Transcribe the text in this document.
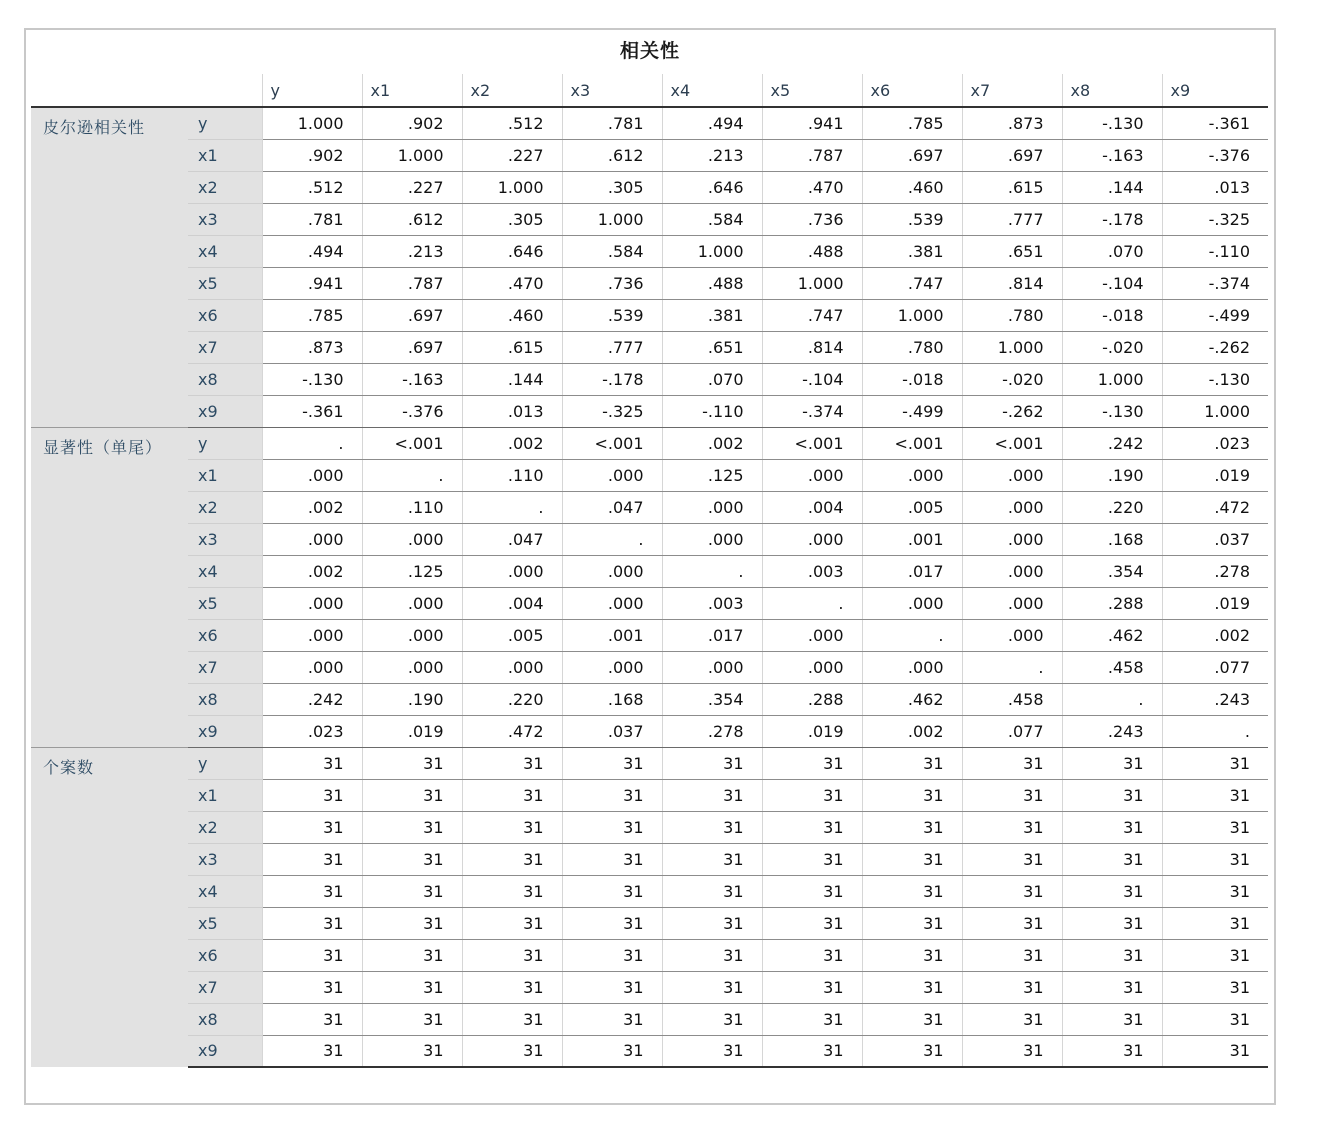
相关性
		y	x1	x2	x3	x4	x5	x6	x7	x8	x9
皮尔逊相关性	y	1.000	.902	.512	.781	.494	.941	.785	.873	-.130	-.361
	x1	.902	1.000	.227	.612	.213	.787	.697	.697	-.163	-.376
	x2	.512	.227	1.000	.305	.646	.470	.460	.615	.144	.013
	x3	.781	.612	.305	1.000	.584	.736	.539	.777	-.178	-.325
	x4	.494	.213	.646	.584	1.000	.488	.381	.651	.070	-.110
	x5	.941	.787	.470	.736	.488	1.000	.747	.814	-.104	-.374
	x6	.785	.697	.460	.539	.381	.747	1.000	.780	-.018	-.499
	x7	.873	.697	.615	.777	.651	.814	.780	1.000	-.020	-.262
	x8	-.130	-.163	.144	-.178	.070	-.104	-.018	-.020	1.000	-.130
	x9	-.361	-.376	.013	-.325	-.110	-.374	-.499	-.262	-.130	1.000
显著性（单尾）	y	.	<.001	.002	<.001	.002	<.001	<.001	<.001	.242	.023
	x1	.000	.	.110	.000	.125	.000	.000	.000	.190	.019
	x2	.002	.110	.	.047	.000	.004	.005	.000	.220	.472
	x3	.000	.000	.047	.	.000	.000	.001	.000	.168	.037
	x4	.002	.125	.000	.000	.	.003	.017	.000	.354	.278
	x5	.000	.000	.004	.000	.003	.	.000	.000	.288	.019
	x6	.000	.000	.005	.001	.017	.000	.	.000	.462	.002
	x7	.000	.000	.000	.000	.000	.000	.000	.	.458	.077
	x8	.242	.190	.220	.168	.354	.288	.462	.458	.	.243
	x9	.023	.019	.472	.037	.278	.019	.002	.077	.243	.
个案数	y	31	31	31	31	31	31	31	31	31	31
	x1	31	31	31	31	31	31	31	31	31	31
	x2	31	31	31	31	31	31	31	31	31	31
	x3	31	31	31	31	31	31	31	31	31	31
	x4	31	31	31	31	31	31	31	31	31	31
	x5	31	31	31	31	31	31	31	31	31	31
	x6	31	31	31	31	31	31	31	31	31	31
	x7	31	31	31	31	31	31	31	31	31	31
	x8	31	31	31	31	31	31	31	31	31	31
	x9	31	31	31	31	31	31	31	31	31	31
